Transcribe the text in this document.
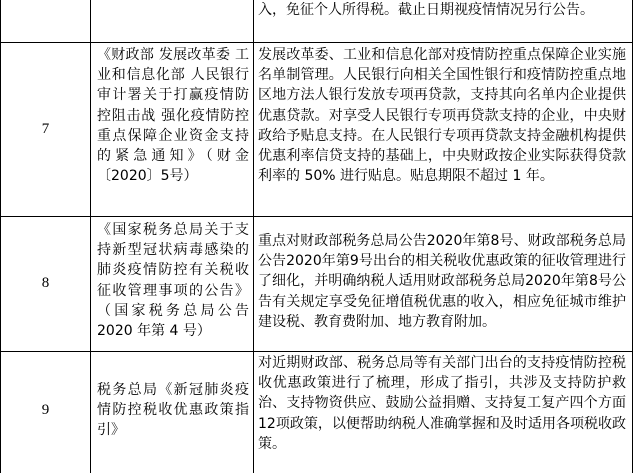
入，免征个人所得税。截止日期视疫情情况另行公告。
7
《财政部 发展改革委 工业和信息化部 人民银行 审计署关于打赢疫情防控阻击战 强化疫情防控重点保障企业资金支持的紧急通知》（财金〔2020〕5号）
发展改革委、工业和信息化部对疫情防控重点保障企业实施名单制管理。人民银行向相关全国性银行和疫情防控重点地区地方法人银行发放专项再贷款，支持其向名单内企业提供优惠贷款。对享受人民银行专项再贷款支持的企业，中央财政给予贴息支持。在人民银行专项再贷款支持金融机构提供优惠利率信贷支持的基础上，中央财政按企业实际获得贷款利率的 50% 进行贴息。贴息期限不超过 1 年。
8
《国家税务总局关于支持新型冠状病毒感染的肺炎疫情防控有关税收征收管理事项的公告》（国家税务总局公告 2020 年第 4 号）
重点对财政部税务总局公告2020年第8号、财政部税务总局公告2020年第9号出台的相关税收优惠政策的征收管理进行了细化，并明确纳税人适用财政部税务总局2020年第8号公告有关规定享受免征增值税优惠的收入，相应免征城市维护建设税、教育费附加、地方教育附加。
9
税务总局《新冠肺炎疫情防控税收优惠政策指引》
对近期财政部、税务总局等有关部门出台的支持疫情防控税收优惠政策进行了梳理，形成了指引，共涉及支持防护救治、支持物资供应、鼓励公益捐赠、支持复工复产四个方面 12项政策，以便帮助纳税人准确掌握和及时适用各项税收政策。
